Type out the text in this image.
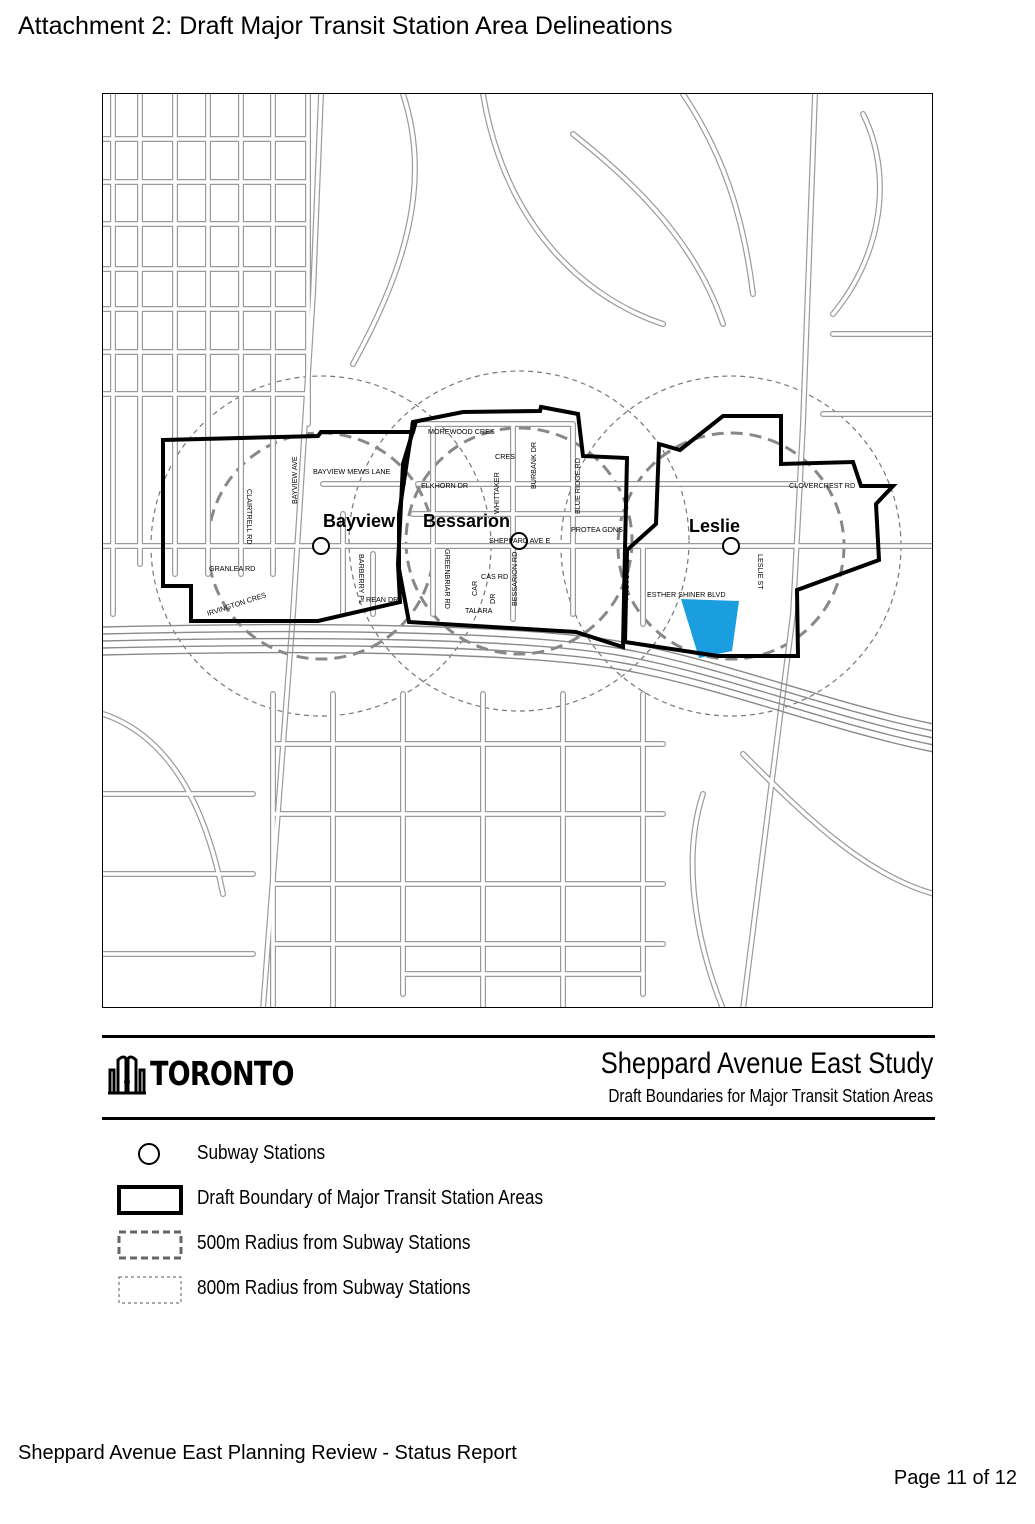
Attachment 2: Draft Major Transit Station Area Delineations
Bayview Bessarion	Leslie
MOREWOOD CRES
BAYVIEW MEWS LANE
ELKHORN DR
CRES
CLOVERCREST RD
PROTEA GDNS
SHEPPARD AVE E
GRANLEA RD
IRVINGTON CRES
CAS RD
REAN DR
TALARA
ESTHER SHINER BLVD
CLAIRTRELL RD
BAYVIEW AVE
BARBERRY PL	GREENBRIAR RD
WHITTAKER
BURBANK DR	BLUE RIDGE RD
BESSARION RD
CAR
DR	PROVOST DR	LESLIE ST
TORONTO	Sheppard Avenue East Study
Draft Boundaries for Major Transit Station Areas
Subway Stations
Draft Boundary of Major Transit Station Areas
500m Radius from Subway Stations
800m Radius from Subway Stations
Sheppard Avenue East Planning Review - Status Report
Page 11 of 12
